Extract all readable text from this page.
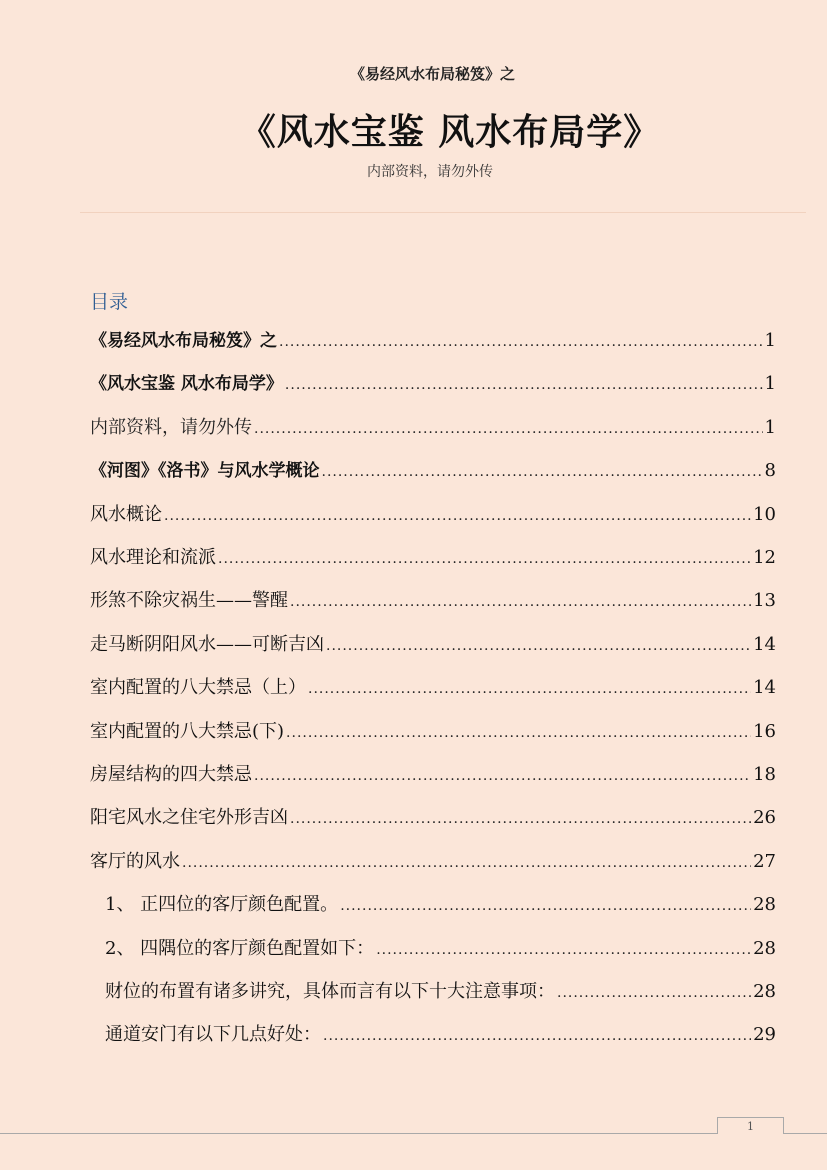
《易经风水布局秘笈》之
《风水宝鉴 风水布局学》
内部资料，请勿外传
目录
《易经风水布局秘笈》之 .....	1
《风水宝鉴 风水布局学》 .....	1
内部资料，请勿外传 .....	1
《河图》《洛书》与风水学概论 .....	8
风水概论 .....	10
风水理论和流派 .....	12
形煞不除灾祸生——警醒 .....	13
走马断阴阳风水——可断吉凶 .....	14
室内配置的八大禁忌（上） .....	14
室内配置的八大禁忌(下) .....	16
房屋结构的四大禁忌 .....	18
阳宅风水之住宅外形吉凶 .....	26
客厅的风水 .....	27
1、 正四位的客厅颜色配置。 .....	28
2、 四隅位的客厅颜色配置如下： .....	28
财位的布置有诸多讲究，具体而言有以下十大注意事项： .....	28
通道安门有以下几点好处： .....	29
1
